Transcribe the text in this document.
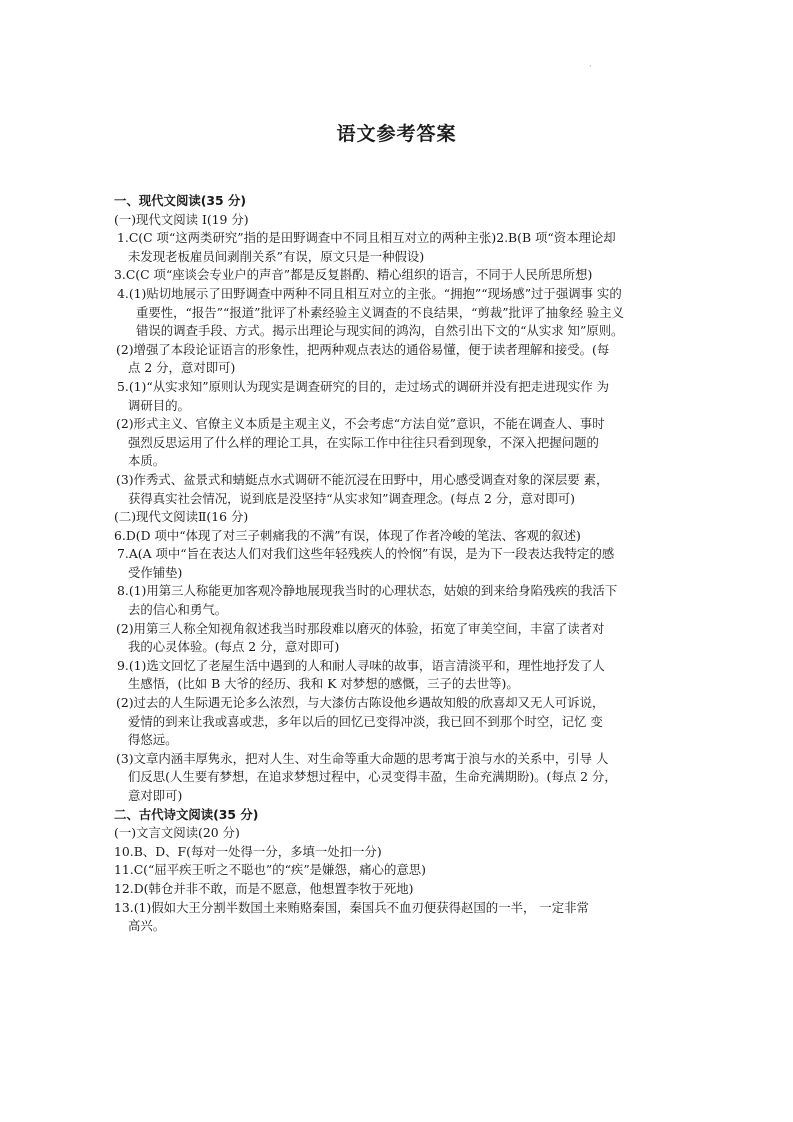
·
语文参考答案
一、现代文阅读(35 分)
(一)现代文阅读 I(19 分)
1.C(C 项“这两类研究”指的是田野调查中不同且相互对立的两种主张)2.B(B 项“资本理论却
未发现老板雇员间剥削关系”有误，原文只是一种假设)
3.C(C 项“座谈会专业户的声音”都是反复斟酌、精心组织的语言，不同于人民所思所想)
4.(1)贴切地展示了田野调查中两种不同且相互对立的主张。“拥抱”“现场感”过于强调事 实的
重要性，“报告”“报道”批评了朴素经验主义调查的不良结果，“剪裁”批评了抽象经 验主义
错误的调查手段、方式。揭示出理论与现实间的鸿沟，自然引出下文的“从实求 知”原则。
(2)增强了本段论证语言的形象性，把两种观点表达的通俗易懂，便于读者理解和接受。(每
点 2 分，意对即可)
5.(1)“从实求知”原则认为现实是调查研究的目的，走过场式的调研并没有把走进现实作 为
调研目的。
(2)形式主义、官僚主义本质是主观主义，不会考虑“方法自觉”意识，不能在调查人、事时
强烈反思运用了什么样的理论工具，在实际工作中往往只看到现象，不深入把握问题的
本质。
(3)作秀式、盆景式和蜻蜓点水式调研不能沉浸在田野中，用心感受调查对象的深层要 素，
获得真实社会情况，说到底是没坚持“从实求知”调查理念。(每点 2 分，意对即可)
(二)现代文阅读Ⅱ(16 分)
6.D(D 项中“体现了对三子刺痛我的不满”有误，体现了作者冷峻的笔法、客观的叙述)
7.A(A 项中“旨在表达人们对我们这些年轻残疾人的怜悯”有误，是为下一段表达我特定的感
受作铺垫)
8.(1)用第三人称能更加客观冷静地展现我当时的心理状态，姑娘的到来给身陷残疾的我活下
去的信心和勇气。
(2)用第三人称全知视角叙述我当时那段难以磨灭的体验，拓宽了审美空间，丰富了读者对
我的心灵体验。(每点 2 分，意对即可)
9.(1)选文回忆了老屋生活中遇到的人和耐人寻味的故事，语言清淡平和，理性地抒发了人
生感悟，(比如 B 大爷的经历、我和 K 对梦想的感慨，三子的去世等)。
(2)过去的人生际遇无论多么浓烈，与大漆仿古陈设他乡遇故知般的欣喜却又无人可诉说，
爱情的到来让我或喜或悲，多年以后的回忆已变得冲淡，我已回不到那个时空，记忆 变
得悠远。
(3)文章内涵丰厚隽永，把对人生、对生命等重大命题的思考寓于浪与水的关系中，引导 人
们反思(人生要有梦想，在追求梦想过程中，心灵变得丰盈，生命充满期盼)。(每点 2 分，
意对即可)
二、古代诗文阅读(35 分)
(一)文言文阅读(20 分)
10.B、D、F(每对一处得一分，多填一处扣一分)
11.C(“屈平疾王听之不聪也”的“疾”是嫌怨，痛心的意思)
12.D(韩仓并非不敢，而是不愿意，他想置李牧于死地)
13.(1)假如大王分割半数国土来贿赂秦国，秦国兵不血刃便获得赵国的一半， 一定非常
高兴。
